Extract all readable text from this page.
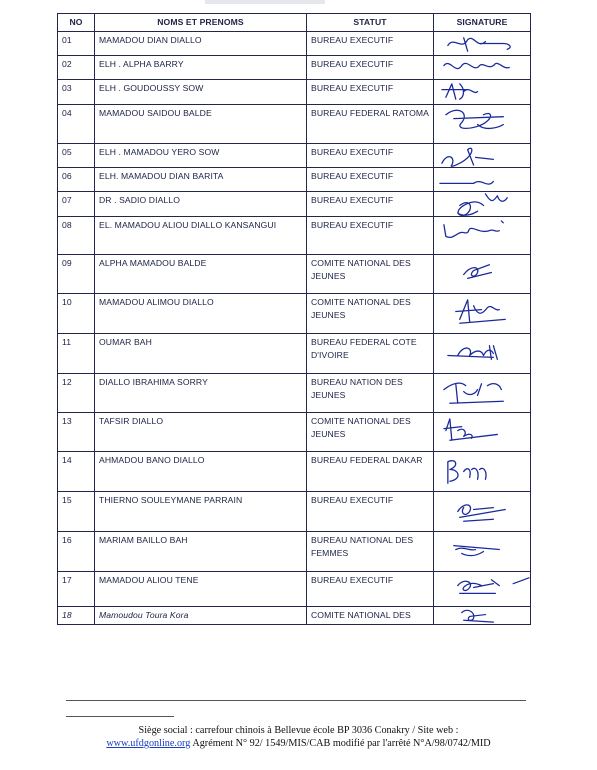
NO	NOMS ET PRENOMS	STATUT	SIGNATURE
01	MAMADOU DIAN DIALLO	BUREAU EXECUTIF	

02	ELH . ALPHA BARRY	BUREAU EXECUTIF	

03	ELH . GOUDOUSSY SOW	BUREAU EXECUTIF	

04	MAMADOU SAIDOU BALDE	BUREAU FEDERAL RATOMA	

05	ELH . MAMADOU YERO SOW	BUREAU EXECUTIF	

06	ELH. MAMADOU DIAN BARITA	BUREAU EXECUTIF	

07	DR . SADIO DIALLO	BUREAU EXECUTIF	

08	EL. MAMADOU ALIOU DIALLO KANSANGUI	BUREAU EXECUTIF	

09	ALPHA MAMADOU BALDE	COMITE NATIONAL DES JEUNES	

10	MAMADOU ALIMOU DIALLO	COMITE NATIONAL DES JEUNES	

11	OUMAR BAH	BUREAU FEDERAL COTE D'IVOIRE	

12	DIALLO IBRAHIMA SORRY	BUREAU NATION DES JEUNES	

13	TAFSIR DIALLO	COMITE NATIONAL DES JEUNES	

14	AHMADOU BANO DIALLO	BUREAU FEDERAL DAKAR	

15	THIERNO SOULEYMANE PARRAIN	BUREAU EXECUTIF	

16	MARIAM BAILLO BAH	BUREAU NATIONAL DES FEMMES	

17	MAMADOU ALIOU TENE	BUREAU EXECUTIF	

18	Mamoudou Toura Kora	COMITE NATIONAL DES	
Siège social : carrefour chinois à Bellevue école BP 3036 Conakry / Site web :
www.ufdgonline.org Agrément N° 92/ 1549/MIS/CAB modifié par l'arrêté N°A/98/0742/MID
